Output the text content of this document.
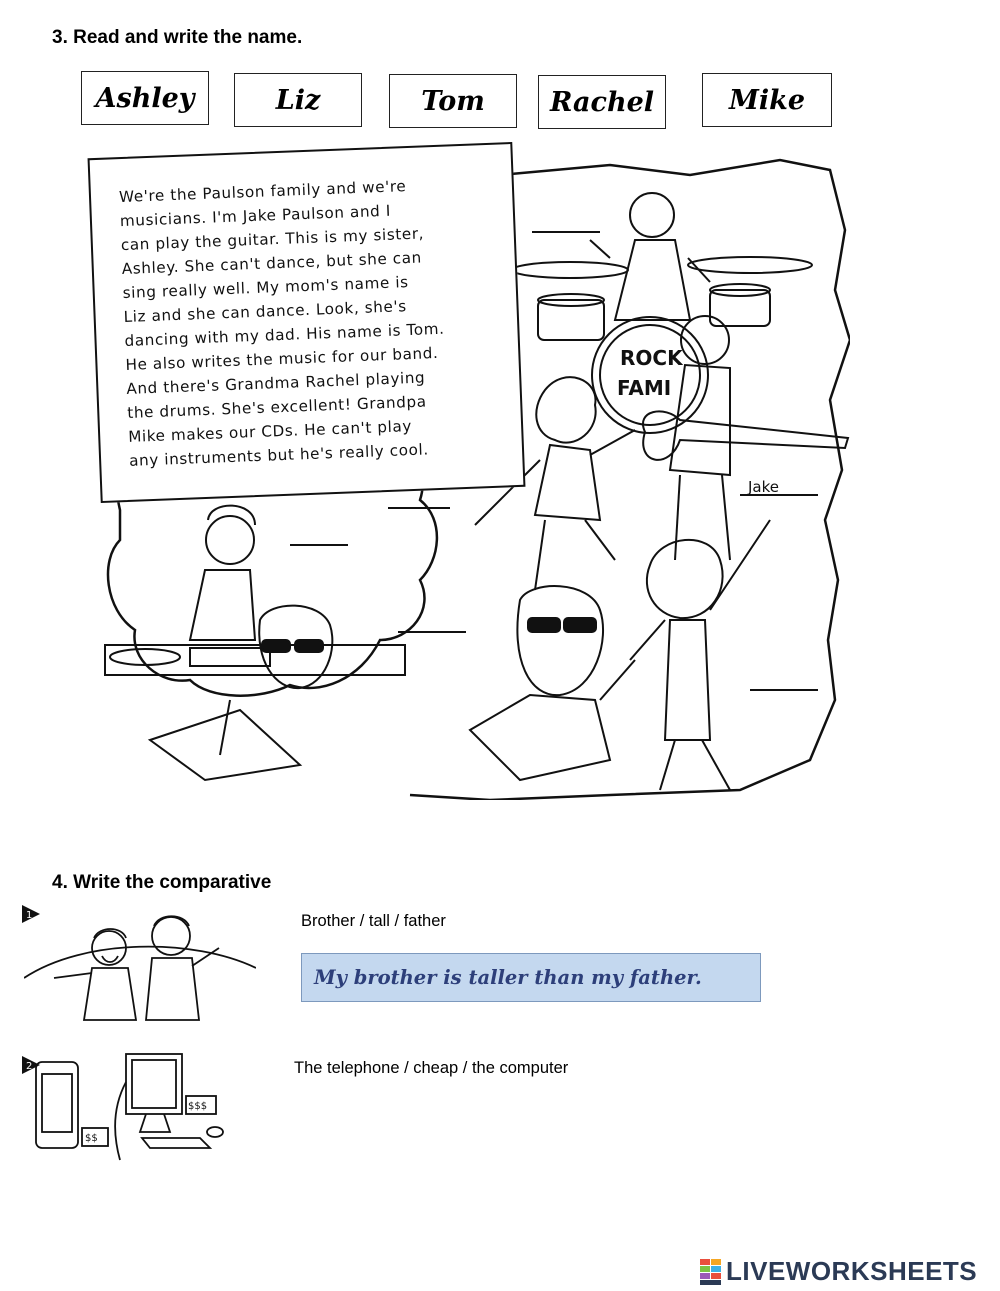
3. Read and write the name.
Ashley	Liz	Tom	Rachel	Mike
ROCK
FAMI
Jake
We're the Paulson family and we're
musicians. I'm Jake Paulson and I
can play the guitar. This is my sister,
Ashley. She can't dance, but she can
sing really well. My mom's name is
Liz and she can dance. Look, she's
dancing with my dad. His name is Tom.
He also writes the music for our band.
And there's Grandma Rachel playing
the drums. She's excellent! Grandpa
Mike makes our CDs. He can't play
any instruments but he's really cool.
4. Write the comparative
1	Brother / tall / father
My brother is taller than my father.
2
$$
$$$
The telephone / cheap / the computer
LIVEWORKSHEETS
